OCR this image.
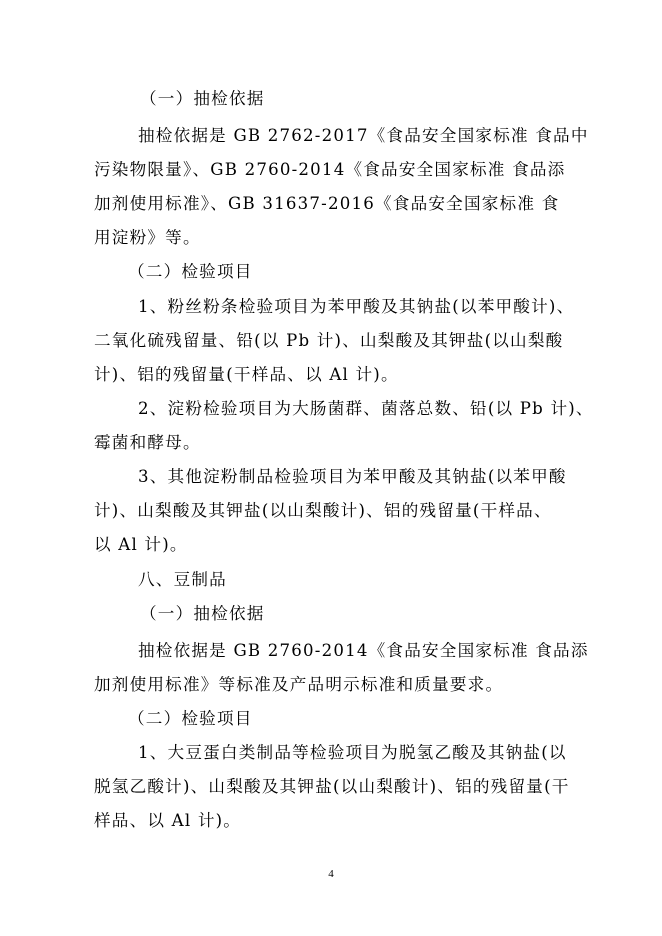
（一）抽检依据
抽检依据是 GB 2762-2017《食品安全国家标准 食品中
污染物限量》、GB 2760-2014《食品安全国家标准 食品添
加剂使用标准》、GB 31637-2016《食品安全国家标准 食
用淀粉》等。
（二）检验项目
1、粉丝粉条检验项目为苯甲酸及其钠盐(以苯甲酸计)、
二氧化硫残留量、铅(以 Pb 计)、山梨酸及其钾盐(以山梨酸
计)、铝的残留量(干样品、以 Al 计)。
2、淀粉检验项目为大肠菌群、菌落总数、铅(以 Pb 计)、
霉菌和酵母。
3、其他淀粉制品检验项目为苯甲酸及其钠盐(以苯甲酸
计)、山梨酸及其钾盐(以山梨酸计)、铝的残留量(干样品、
以 Al 计)。
八、豆制品
（一）抽检依据
抽检依据是 GB 2760-2014《食品安全国家标准 食品添
加剂使用标准》等标准及产品明示标准和质量要求。
（二）检验项目
1、大豆蛋白类制品等检验项目为脱氢乙酸及其钠盐(以
脱氢乙酸计)、山梨酸及其钾盐(以山梨酸计)、铝的残留量(干
样品、以 Al 计)。
4
